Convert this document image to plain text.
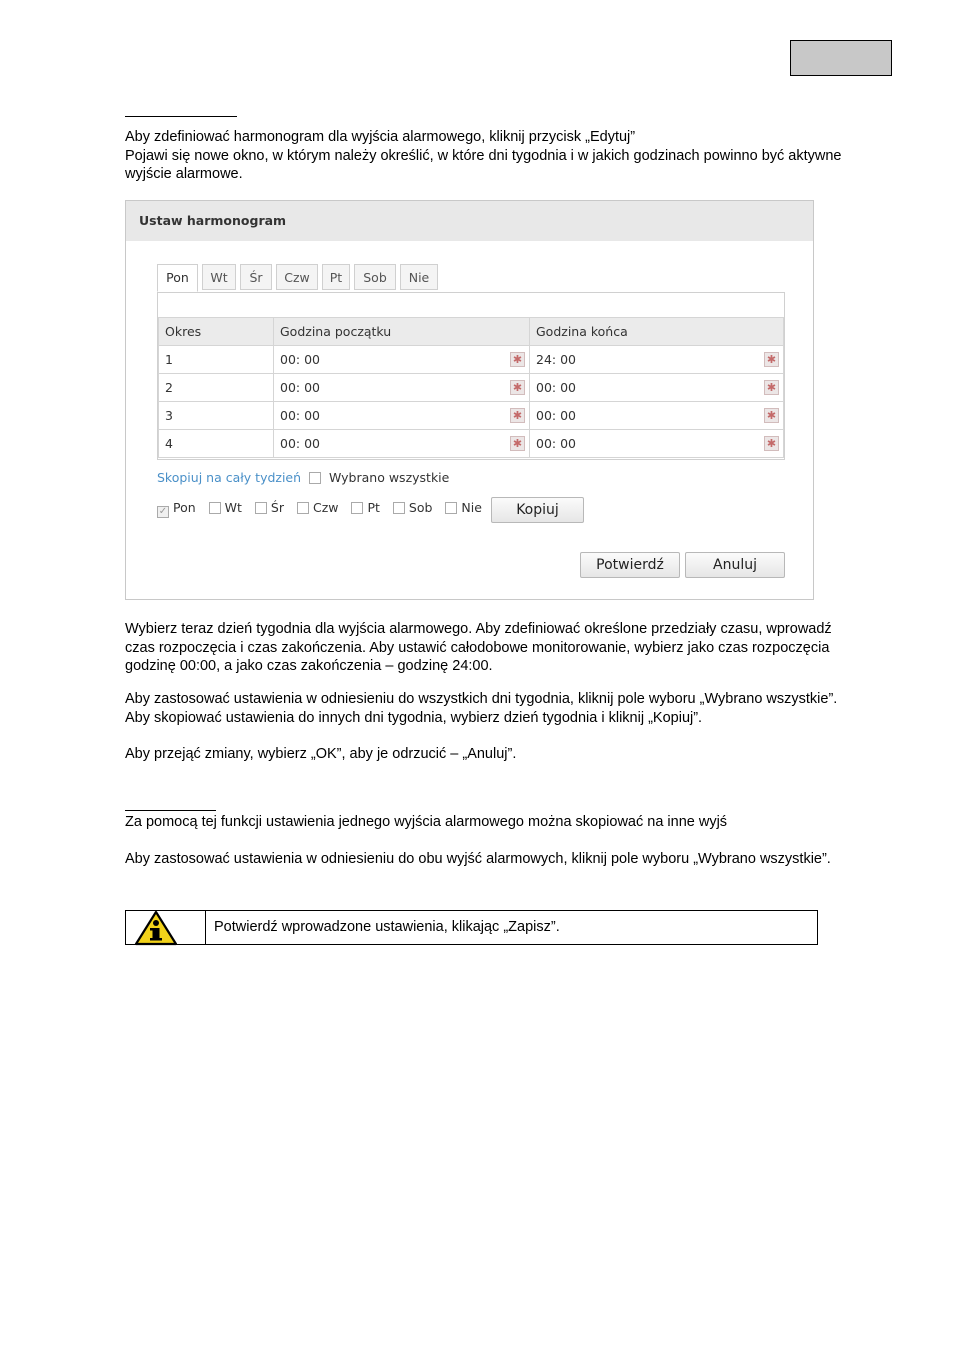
Aby zdefiniować harmonogram dla wyjścia alarmowego, kliknij przycisk „Edytuj”

Pojawi się nowe okno, w którym należy określić, w które dni tygodnia i w jakich godzinach powinno być aktywne wyjście alarmowe.

Ustaw harmonogram
Pon	Wt	Śr	Czw	Pt	Sob	Nie
Okres	Godzina początku	Godzina końca
1	00: 00 ✱	24: 00 ✱

2	00: 00 ✱	00: 00 ✱

3	00: 00 ✱	00: 00 ✱

4	00: 00 ✱	00: 00 ✱
Skopiuj na cały tydzień Wybrano wszystkie
✓ Pon Wt Śr Czw Pt Sob Nie	Kopiuj
Potwierdź	Anuluj
Wybierz teraz dzień tygodnia dla wyjścia alarmowego. Aby zdefiniować określone przedziały czasu, wprowadź czas rozpoczęcia i czas zakończenia. Aby ustawić całodobowe monitorowanie, wybierz jako czas rozpoczęcia godzinę 00:00, a jako czas zakończenia – godzinę 24:00.
Aby zastosować ustawienia w odniesieniu do wszystkich dni tygodnia, kliknij pole wyboru „Wybrano wszystkie”. Aby skopiować ustawienia do innych dni tygodnia, wybierz dzień tygodnia i kliknij „Kopiuj”.
Aby przejąć zmiany, wybierz „OK”, aby je odrzucić – „Anuluj”.
Za pomocą tej funkcji ustawienia jednego wyjścia alarmowego można skopiować na inne wyjś
Aby zastosować ustawienia w odniesieniu do obu wyjść alarmowych, kliknij pole wyboru „Wybrano wszystkie”.
Potwierdź wprowadzone ustawienia, klikając „Zapisz”.
